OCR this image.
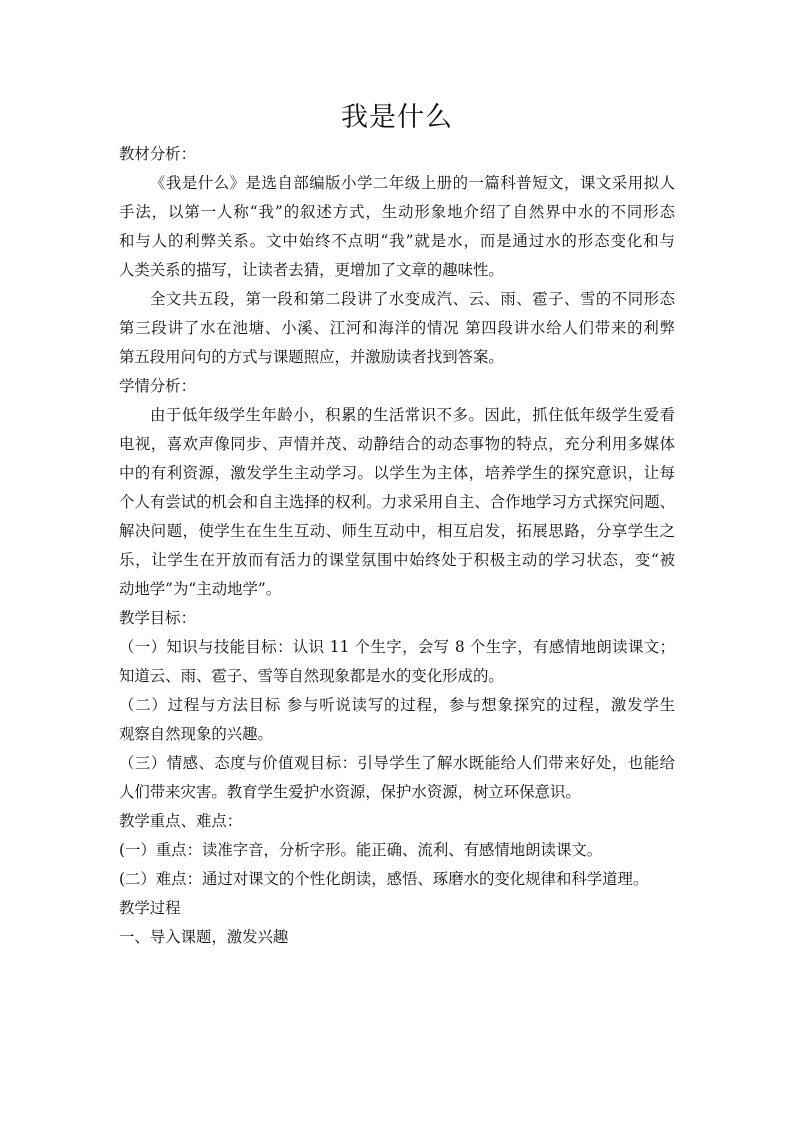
我是什么
教材分析：
《我是什么》是选自部编版小学二年级上册的一篇科普短文，课文采用拟人
手法，以第一人称“我”的叙述方式，生动形象地介绍了自然界中水的不同形态
和与人的利弊关系。文中始终不点明“我”就是水，而是通过水的形态变化和与
人类关系的描写，让读者去猜，更增加了文章的趣味性。
全文共五段，第一段和第二段讲了水变成汽、云、雨、雹子、雪的不同形态
第三段讲了水在池塘、小溪、江河和海洋的情况 第四段讲水给人们带来的利弊
第五段用问句的方式与课题照应，并激励读者找到答案。
学情分析：
由于低年级学生年龄小，积累的生活常识不多。因此，抓住低年级学生爱看
电视，喜欢声像同步、声情并茂、动静结合的动态事物的特点，充分利用多媒体
中的有利资源，激发学生主动学习。以学生为主体，培养学生的探究意识，让每
个人有尝试的机会和自主选择的权利。力求采用自主、合作地学习方式探究问题、
解决问题，使学生在生生互动、师生互动中，相互启发，拓展思路，分享学生之
乐，让学生在开放而有活力的课堂氛围中始终处于积极主动的学习状态，变“被
动地学”为“主动地学”。
教学目标：
（一）知识与技能目标：认识 11 个生字，会写 8 个生字，有感情地朗读课文；
知道云、雨、雹子、雪等自然现象都是水的变化形成的。
（二）过程与方法目标 参与听说读写的过程，参与想象探究的过程，激发学生
观察自然现象的兴趣。
（三）情感、态度与价值观目标：引导学生了解水既能给人们带来好处，也能给
人们带来灾害。教育学生爱护水资源，保护水资源，树立环保意识。
教学重点、难点：
(一）重点：读准字音，分析字形。能正确、流利、有感情地朗读课文。
(二）难点：通过对课文的个性化朗读，感悟、琢磨水的变化规律和科学道理。
教学过程
一、导入课题，激发兴趣
